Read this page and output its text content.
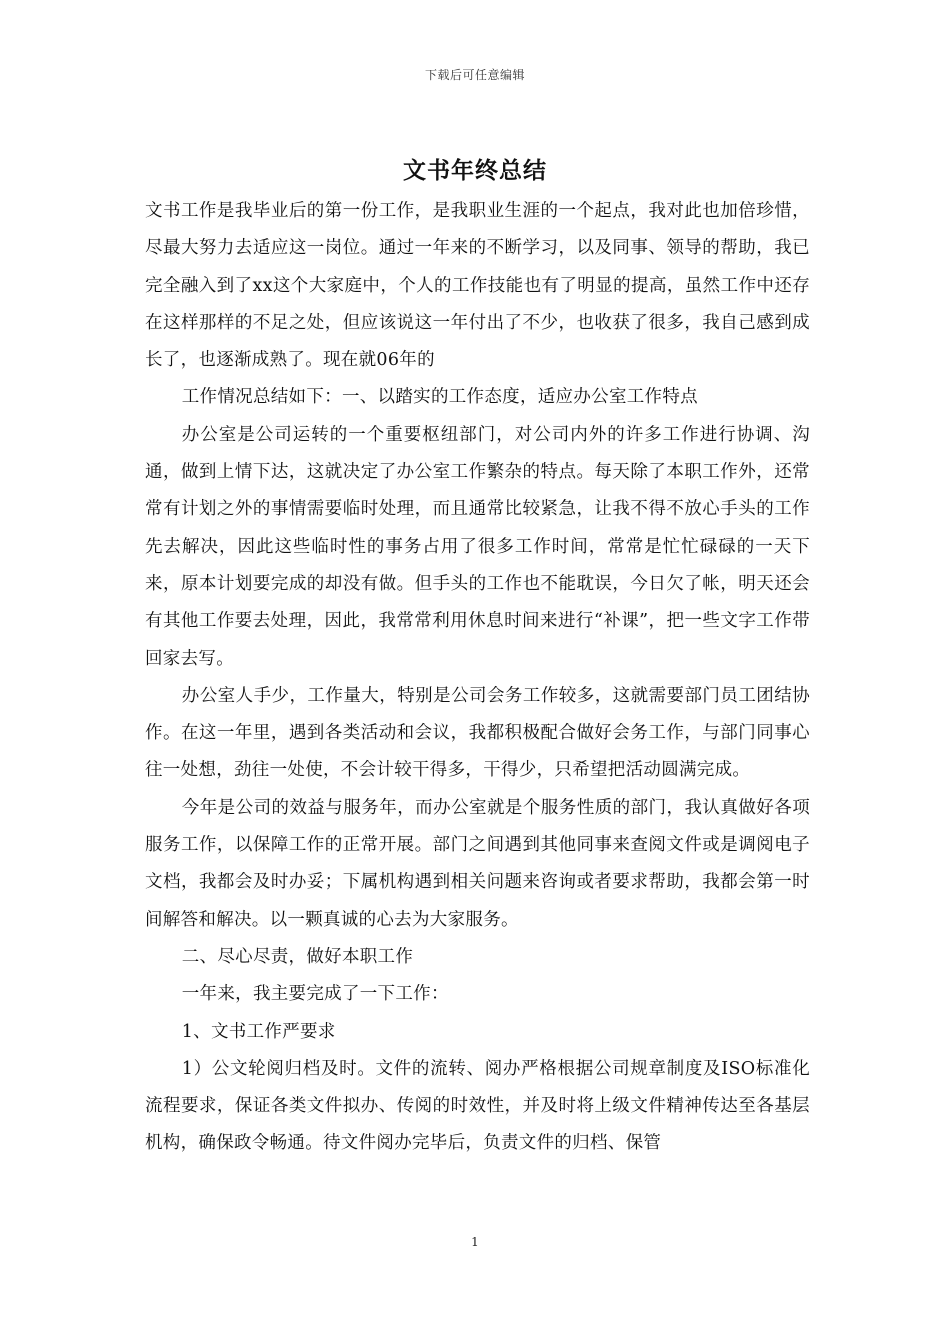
下载后可任意编辑
文书年终总结

文书工作是我毕业后的第一份工作，是我职业生涯的一个起点，我对此也加倍珍惜，尽最大努力去适应这一岗位。通过一年来的不断学习，以及同事、领导的帮助，我已完全融入到了xx这个大家庭中，个人的工作技能也有了明显的提高，虽然工作中还存在这样那样的不足之处，但应该说这一年付出了不少，也收获了很多，我自己感到成长了，也逐渐成熟了。现在就06年的

工作情况总结如下：一、以踏实的工作态度，适应办公室工作特点

办公室是公司运转的一个重要枢纽部门，对公司内外的许多工作进行协调、沟通，做到上情下达，这就决定了办公室工作繁杂的特点。每天除了本职工作外，还常常有计划之外的事情需要临时处理，而且通常比较紧急，让我不得不放心手头的工作先去解决，因此这些临时性的事务占用了很多工作时间，常常是忙忙碌碌的一天下来，原本计划要完成的却没有做。但手头的工作也不能耽误，今日欠了帐，明天还会有其他工作要去处理，因此，我常常利用休息时间来进行“补课”，把一些文字工作带回家去写。

办公室人手少，工作量大，特别是公司会务工作较多，这就需要部门员工团结协作。在这一年里，遇到各类活动和会议，我都积极配合做好会务工作，与部门同事心往一处想，劲往一处使，不会计较干得多，干得少，只希望把活动圆满完成。

今年是公司的效益与服务年，而办公室就是个服务性质的部门，我认真做好各项服务工作，以保障工作的正常开展。部门之间遇到其他同事来查阅文件或是调阅电子文档，我都会及时办妥；下属机构遇到相关问题来咨询或者要求帮助，我都会第一时间解答和解决。以一颗真诚的心去为大家服务。

二、尽心尽责，做好本职工作

一年来，我主要完成了一下工作：

1、文书工作严要求

1）公文轮阅归档及时。文件的流转、阅办严格根据公司规章制度及ISO标准化流程要求，保证各类文件拟办、传阅的时效性，并及时将上级文件精神传达至各基层机构，确保政令畅通。待文件阅办完毕后，负责文件的归档、保管

1
